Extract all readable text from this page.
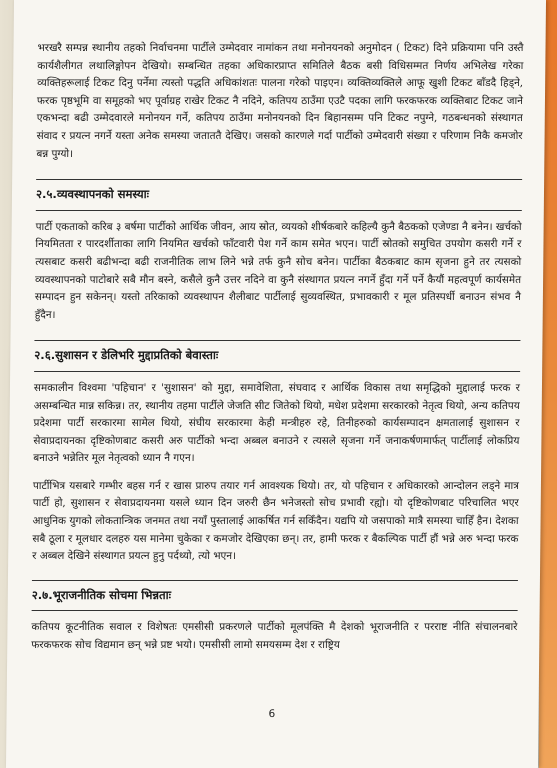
भरखरै सम्पन्न स्थानीय तहको निर्वाचनमा पार्टीले उम्मेदवार नामांकन तथा मनोनयनको अनुमोदन ( टिकट) दिने प्रक्रियामा पनि उस्तै कार्यशैलीगत लथालिङ्गोपन देखियो। सम्बन्धित तहका अधिकारप्राप्त समितिले बैठक बसी विधिसम्मत निर्णय अभिलेख गरेका व्यक्तिहरूलाई टिकट दिनु पर्नेमा त्यस्तो पद्धति अधिकांशतः पालना गरेको पाइएन। व्यक्तिव्यक्तिले आफू खुशी टिकट बाँडदै हिड्ने, फरक पृष्ठभूमि वा समूहको भए पूर्वाग्रह राखेर टिकट नै नदिने, कतिपय ठाउँमा एउटै पदका लागि फरकफरक व्यक्तिबाट टिकट जाने एकभन्दा बढी उम्मेदवारले मनोनयन गर्ने, कतिपय ठाउँमा मनोनयनको दिन बिहानसम्म पनि टिकट नपुग्ने, गठबन्धनको संस्थागत संवाद र प्रयत्न नगर्ने यस्ता अनेक समस्या जताततै देखिए। जसको कारणले गर्दा पार्टीको उम्मेदवारी संख्या र परिणाम निकै कमजोर बन्न पुग्यो।

२.५.व्यवस्थापनको समस्याः

पार्टी एकताको करिब ३ बर्षमा पार्टीको आर्थिक जीवन, आय स्रोत, व्ययको शीर्षकबारे कहिल्यै कुनै बैठकको एजेण्डा नै बनेन। खर्चको नियमितता र पारदर्शीताका लागि नियमित खर्चको फाँटवारी पेश गर्ने काम समेत भएन। पार्टी स्रोतको समुचित उपयोग कसरी गर्ने र त्यसबाट कसरी बढीभन्दा बढी राजनीतिक लाभ लिने भन्ने तर्फ कुनै सोच बनेन। पार्टीका बैठकबाट काम सृजना हुने तर त्यसको व्यवस्थापनको पाटोबारे सबै मौन बस्ने, कसैले कुनै उत्तर नदिने वा कुनै संस्थागत प्रयत्न नगर्ने हुँदा गर्ने पर्ने कैयौं महत्वपूर्ण कार्यसमेत सम्पादन हुन सकेनन्। यस्तो तरिकाको व्यवस्थापन शैलीबाट पार्टीलाई सुव्यवस्थित, प्रभावकारी र मूल प्रतिस्पर्धी बनाउन संभव नै हुँदैन।

२.६.सुशासन र डेलिभरि मुद्दाप्रतिको बेवास्ताः

समकालीन विश्वमा 'पहिचान' र 'सुशासन' को मुद्दा, समावेशिता, संघवाद र आर्थिक विकास तथा समृद्धिको मुद्दालाई फरक र असम्बन्धित मान्न सकिन्न। तर, स्थानीय तहमा पार्टीले जेजति सीट जितेको थियो, मधेश प्रदेशमा सरकारको नेतृत्व थियो, अन्य कतिपय प्रदेशमा पार्टी सरकारमा सामेल थियो, संघीय सरकारमा केही मन्त्रीहरु रहे, तिनीहरुको कार्यसम्पादन क्षमतालाई सुशासन र सेवाप्रदायनका दृष्टिकोणबाट कसरी अरु पार्टीको भन्दा अब्बल बनाउने र त्यसले सृजना गर्ने जनाकर्षणमार्फत् पार्टीलाई लोकप्रिय बनाउने भन्नेतिर मूल नेतृत्वको ध्यान नै गएन।

पार्टीभित्र यसबारे गम्भीर बहस गर्न र खास प्रारुप तयार गर्न आवश्यक थियो। तर, यो पहिचान र अधिकारको आन्दोलन लड्ने मात्र पार्टी हो, सुशासन र सेवाप्रदायनमा यसले ध्यान दिन जरुरी छैन भनेजस्तो सोच प्रभावी रह्यो। यो दृष्टिकोणबाट परिचालित भएर आधुनिक युगको लोकतान्त्रिक जनमत तथा नयाँ पुस्तालाई आकर्षित गर्न सकिँदैन। यद्यपि यो जसपाको मात्रै समस्या चाहिँ हैन। देशका सबै ठूला र मूलधार दलहरु यस मानेमा चुकेका र कमजोर देखिएका छन्। तर, हामी फरक र बैकल्पिक पार्टी हौं भन्ने अरु भन्दा फरक र अब्बल देखिने संस्थागत प्रयत्न हुनु पर्दथ्यो, त्यो भएन।

२.७.भूराजनीतिक सोचमा भिन्नताः

कतिपय कूटनीतिक सवाल र विशेषतः एमसीसी प्रकरणले पार्टीको मूलपंक्ति मै देशको भूराजनीति र परराष्ट नीति संचालनबारे फरकफरक सोच विद्यमान छन् भन्ने प्रष्ट भयो। एमसीसी लामो समयसम्म देश र राष्ट्रिय

6
